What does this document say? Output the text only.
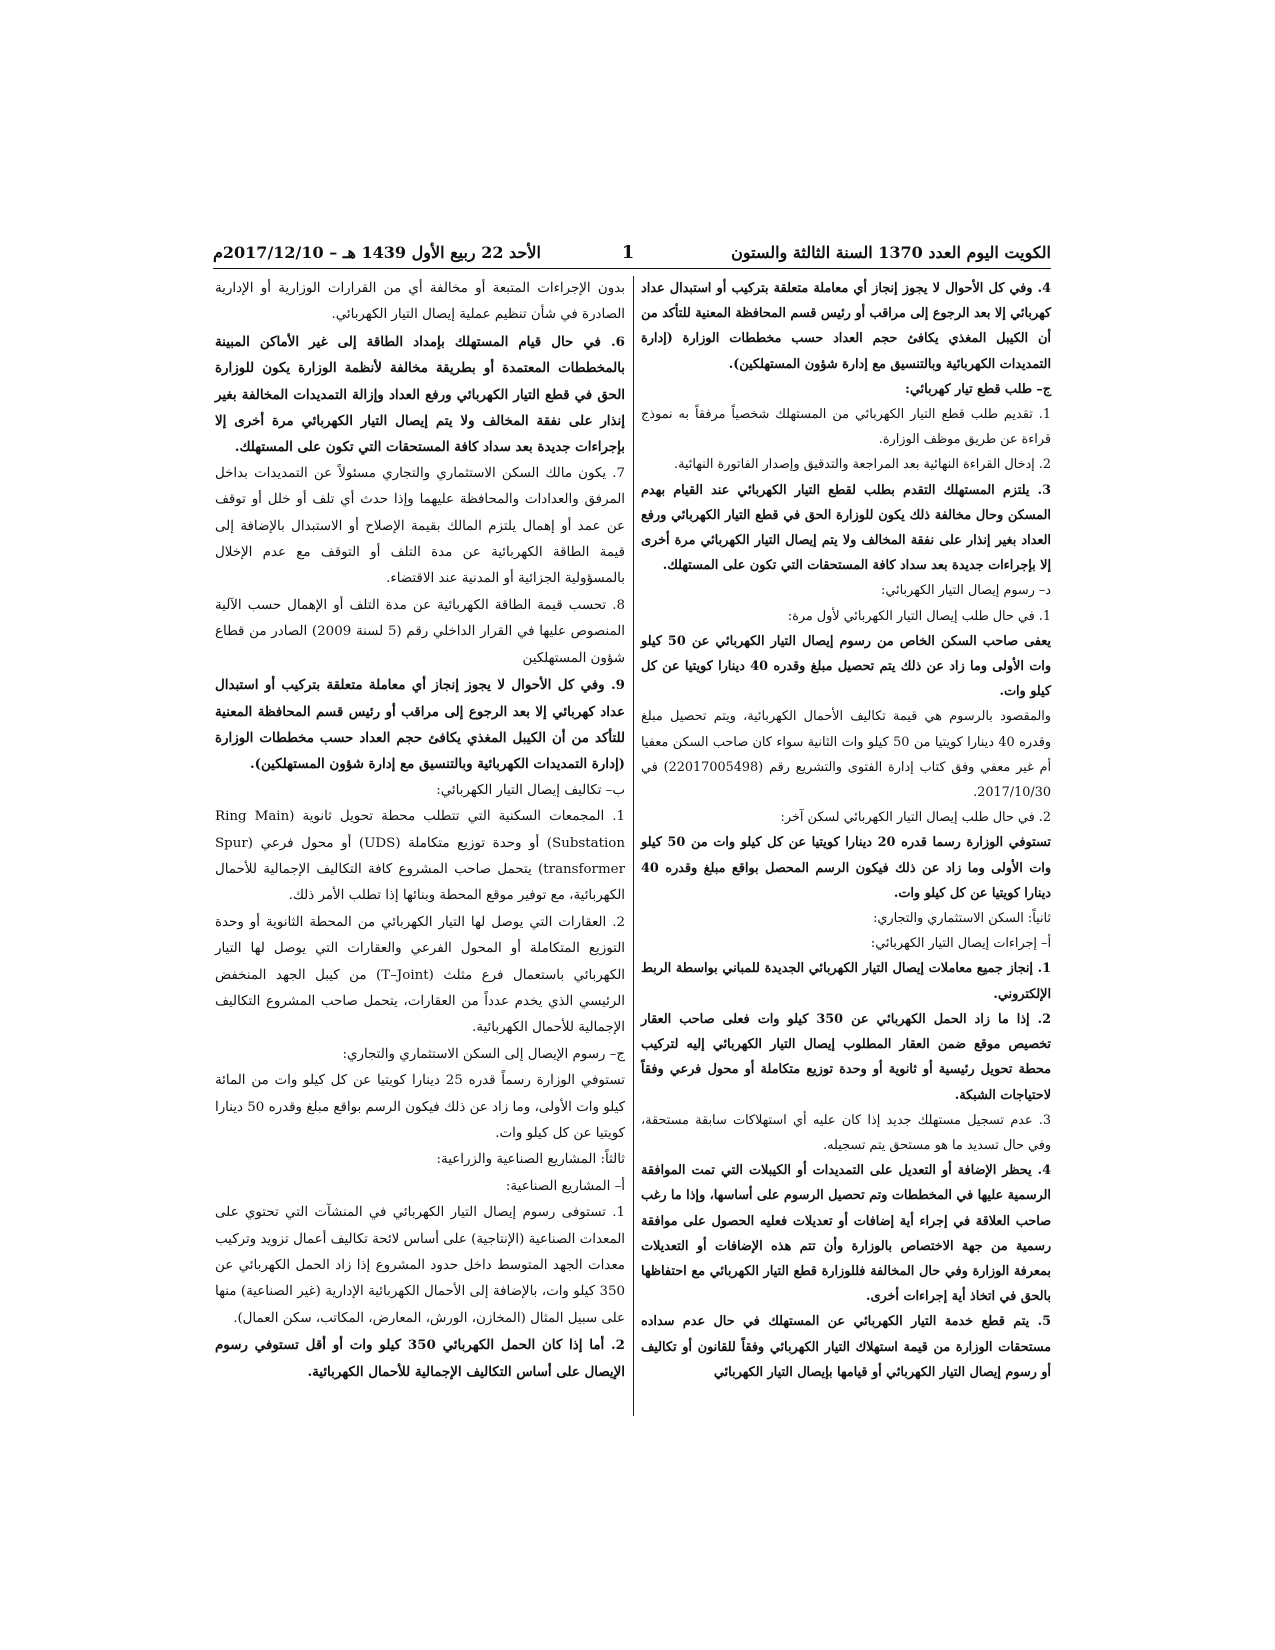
الكويت اليوم العدد 1370 السنة الثالثة والستون
1
الأحد 22 ربيع الأول 1439 هـ – 2017/12/10م

4. وفي كل الأحوال لا يجوز إنجاز أي معاملة متعلقة بتركيب أو استبدال عداد كهربائي إلا بعد الرجوع إلى مراقب أو رئيس قسم المحافظة المعنية للتأكد من أن الكيبل المغذي يكافئ حجم العداد حسب مخططات الوزارة (إدارة التمديدات الكهربائية وبالتنسيق مع إدارة شؤون المستهلكين).

ج– طلب قطع تيار كهربائي:

1. تقديم طلب قطع التيار الكهربائي من المستهلك شخصياً مرفقاً به نموذج قراءة عن طريق موظف الوزارة.

2. إدخال القراءة النهائية بعد المراجعة والتدقيق وإصدار الفاتورة النهائية.

3. يلتزم المستهلك التقدم بطلب لقطع التيار الكهربائي عند القيام بهدم المسكن وحال مخالفة ذلك يكون للوزارة الحق في قطع التيار الكهربائي ورفع العداد بغير إنذار على نفقة المخالف ولا يتم إيصال التيار الكهربائي مرة أخرى إلا بإجراءات جديدة بعد سداد كافة المستحقات التي تكون على المستهلك.

د– رسوم إيصال التيار الكهربائي:

1. في حال طلب إيصال التيار الكهربائي لأول مرة:

يعفى صاحب السكن الخاص من رسوم إيصال التيار الكهربائي عن 50 كيلو وات الأولى وما زاد عن ذلك يتم تحصيل مبلغ وقدره 40 دينارا كويتيا عن كل كيلو وات.

والمقصود بالرسوم هي قيمة تكاليف الأحمال الكهربائية، ويتم تحصيل مبلغ وقدره 40 دينارا كويتيا من 50 كيلو وات الثانية سواء كان صاحب السكن معفيا أم غير معفي وفق كتاب إدارة الفتوى والتشريع رقم (22017005498) في 2017/10/30.

2. في حال طلب إيصال التيار الكهربائي لسكن آخر:

تستوفي الوزارة رسما قدره 20 دينارا كويتيا عن كل كيلو وات من 50 كيلو وات الأولى وما زاد عن ذلك فيكون الرسم المحصل بواقع مبلغ وقدره 40 دينارا كويتيا عن كل كيلو وات.

ثانياً: السكن الاستثماري والتجاري:

أ– إجراءات إيصال التيار الكهربائي:

1. إنجاز جميع معاملات إيصال التيار الكهربائي الجديدة للمباني بواسطة الربط الإلكتروني.

2. إذا ما زاد الحمل الكهربائي عن 350 كيلو وات فعلى صاحب العقار تخصيص موقع ضمن العقار المطلوب إيصال التيار الكهربائي إليه لتركيب محطة تحويل رئيسية أو ثانوية أو وحدة توزيع متكاملة أو محول فرعي وفقاً لاحتياجات الشبكة.

3. عدم تسجيل مستهلك جديد إذا كان عليه أي استهلاكات سابقة مستحقة، وفي حال تسديد ما هو مستحق يتم تسجيله.

4. يحظر الإضافة أو التعديل على التمديدات أو الكيبلات التي تمت الموافقة الرسمية عليها في المخططات وتم تحصيل الرسوم على أساسها، وإذا ما رغب صاحب العلاقة في إجراء أية إضافات أو تعديلات فعليه الحصول على موافقة رسمية من جهة الاختصاص بالوزارة وأن تتم هذه الإضافات أو التعديلات بمعرفة الوزارة وفي حال المخالفة فللوزارة قطع التيار الكهربائي مع احتفاظها بالحق في اتخاذ أية إجراءات أخرى.

5. يتم قطع خدمة التيار الكهربائي عن المستهلك في حال عدم سداده مستحقات الوزارة من قيمة استهلاك التيار الكهربائي وفقاً للقانون أو تكاليف أو رسوم إيصال التيار الكهربائي أو قيامها بإيصال التيار الكهربائي

بدون الإجراءات المتبعة أو مخالفة أي من القرارات الوزارية أو الإدارية الصادرة في شأن تنظيم عملية إيصال التيار الكهربائي.

6. في حال قيام المستهلك بإمداد الطاقة إلى غير الأماكن المبينة بالمخططات المعتمدة أو بطريقة مخالفة لأنظمة الوزارة يكون للوزارة الحق في قطع التيار الكهربائي ورفع العداد وإزالة التمديدات المخالفة بغير إنذار على نفقة المخالف ولا يتم إيصال التيار الكهربائي مرة أخرى إلا بإجراءات جديدة بعد سداد كافة المستحقات التي تكون على المستهلك.

7. يكون مالك السكن الاستثماري والتجاري مسئولاً عن التمديدات بداخل المرفق والعدادات والمحافظة عليهما وإذا حدث أي تلف أو خلل أو توقف عن عمد أو إهمال يلتزم المالك بقيمة الإصلاح أو الاستبدال بالإضافة إلى قيمة الطاقة الكهربائية عن مدة التلف أو التوقف مع عدم الإخلال بالمسؤولية الجزائية أو المدنية عند الاقتضاء.

8. تحسب قيمة الطاقة الكهربائية عن مدة التلف أو الإهمال حسب الآلية المنصوص عليها في القرار الداخلي رقم (5 لسنة 2009) الصادر من قطاع شؤون المستهلكين

9. وفي كل الأحوال لا يجوز إنجاز أي معاملة متعلقة بتركيب أو استبدال عداد كهربائي إلا بعد الرجوع إلى مراقب أو رئيس قسم المحافظة المعنية للتأكد من أن الكيبل المغذي يكافئ حجم العداد حسب مخططات الوزارة (إدارة التمديدات الكهربائية وبالتنسيق مع إدارة شؤون المستهلكين).

ب– تكاليف إيصال التيار الكهربائي:

1. المجمعات السكنية التي تتطلب محطة تحويل ثانوية (Ring Main Substation) أو وحدة توزيع متكاملة (UDS) أو محول فرعي (Spur transformer) يتحمل صاحب المشروع كافة التكاليف الإجمالية للأحمال الكهربائية، مع توفير موقع المحطة وبنائها إذا تطلب الأمر ذلك.

2. العقارات التي يوصل لها التيار الكهربائي من المحطة الثانوية أو وحدة التوزيع المتكاملة أو المحول الفرعي والعقارات التي يوصل لها التيار الكهربائي باستعمال فرع مثلث (T–Joint) من كيبل الجهد المنخفض الرئيسي الذي يخدم عدداً من العقارات، يتحمل صاحب المشروع التكاليف الإجمالية للأحمال الكهربائية.

ج– رسوم الإيصال إلى السكن الاستثماري والتجاري:

تستوفي الوزارة رسماً قدره 25 دينارا كويتيا عن كل كيلو وات من المائة كيلو وات الأولى، وما زاد عن ذلك فيكون الرسم بواقع مبلغ وقدره 50 دينارا كويتيا عن كل كيلو وات.

ثالثاً: المشاريع الصناعية والزراعية:

أ– المشاريع الصناعية:

1. تستوفى رسوم إيصال التيار الكهربائي في المنشآت التي تحتوي على المعدات الصناعية (الإنتاجية) على أساس لائحة تكاليف أعمال تزويد وتركيب معدات الجهد المتوسط داخل حدود المشروع إذا زاد الحمل الكهربائي عن 350 كيلو وات، بالإضافة إلى الأحمال الكهربائية الإدارية (غير الصناعية) منها على سبيل المثال (المخازن، الورش، المعارض، المكاتب، سكن العمال).

2. أما إذا كان الحمل الكهربائي 350 كيلو وات أو أقل تستوفي رسوم الإيصال على أساس التكاليف الإجمالية للأحمال الكهربائية.
